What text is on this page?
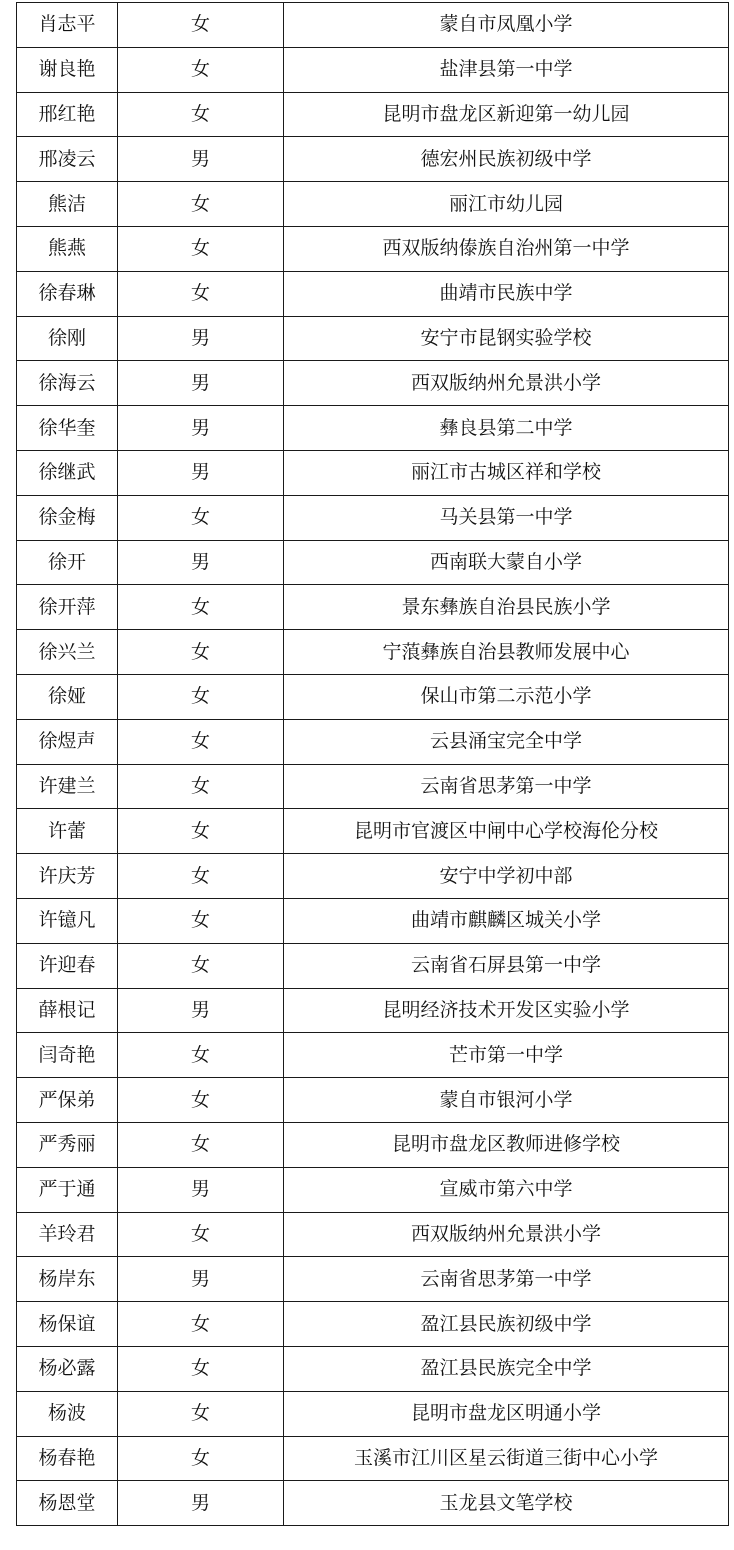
肖志平	女	蒙自市凤凰小学
谢良艳	女	盐津县第一中学
邢红艳	女	昆明市盘龙区新迎第一幼儿园
邢凌云	男	德宏州民族初级中学
熊洁	女	丽江市幼儿园
熊燕	女	西双版纳傣族自治州第一中学
徐春琳	女	曲靖市民族中学
徐刚	男	安宁市昆钢实验学校
徐海云	男	西双版纳州允景洪小学
徐华奎	男	彝良县第二中学
徐继武	男	丽江市古城区祥和学校
徐金梅	女	马关县第一中学
徐开	男	西南联大蒙自小学
徐开萍	女	景东彝族自治县民族小学
徐兴兰	女	宁蒗彝族自治县教师发展中心
徐娅	女	保山市第二示范小学
徐煜声	女	云县涌宝完全中学
许建兰	女	云南省思茅第一中学
许蕾	女	昆明市官渡区中闸中心学校海伦分校
许庆芳	女	安宁中学初中部
许镱凡	女	曲靖市麒麟区城关小学
许迎春	女	云南省石屏县第一中学
薛根记	男	昆明经济技术开发区实验小学
闫奇艳	女	芒市第一中学
严保弟	女	蒙自市银河小学
严秀丽	女	昆明市盘龙区教师进修学校
严于通	男	宣威市第六中学
羊玲君	女	西双版纳州允景洪小学
杨岸东	男	云南省思茅第一中学
杨保谊	女	盈江县民族初级中学
杨必露	女	盈江县民族完全中学
杨波	女	昆明市盘龙区明通小学
杨春艳	女	玉溪市江川区星云街道三街中心小学
杨恩堂	男	玉龙县文笔学校
